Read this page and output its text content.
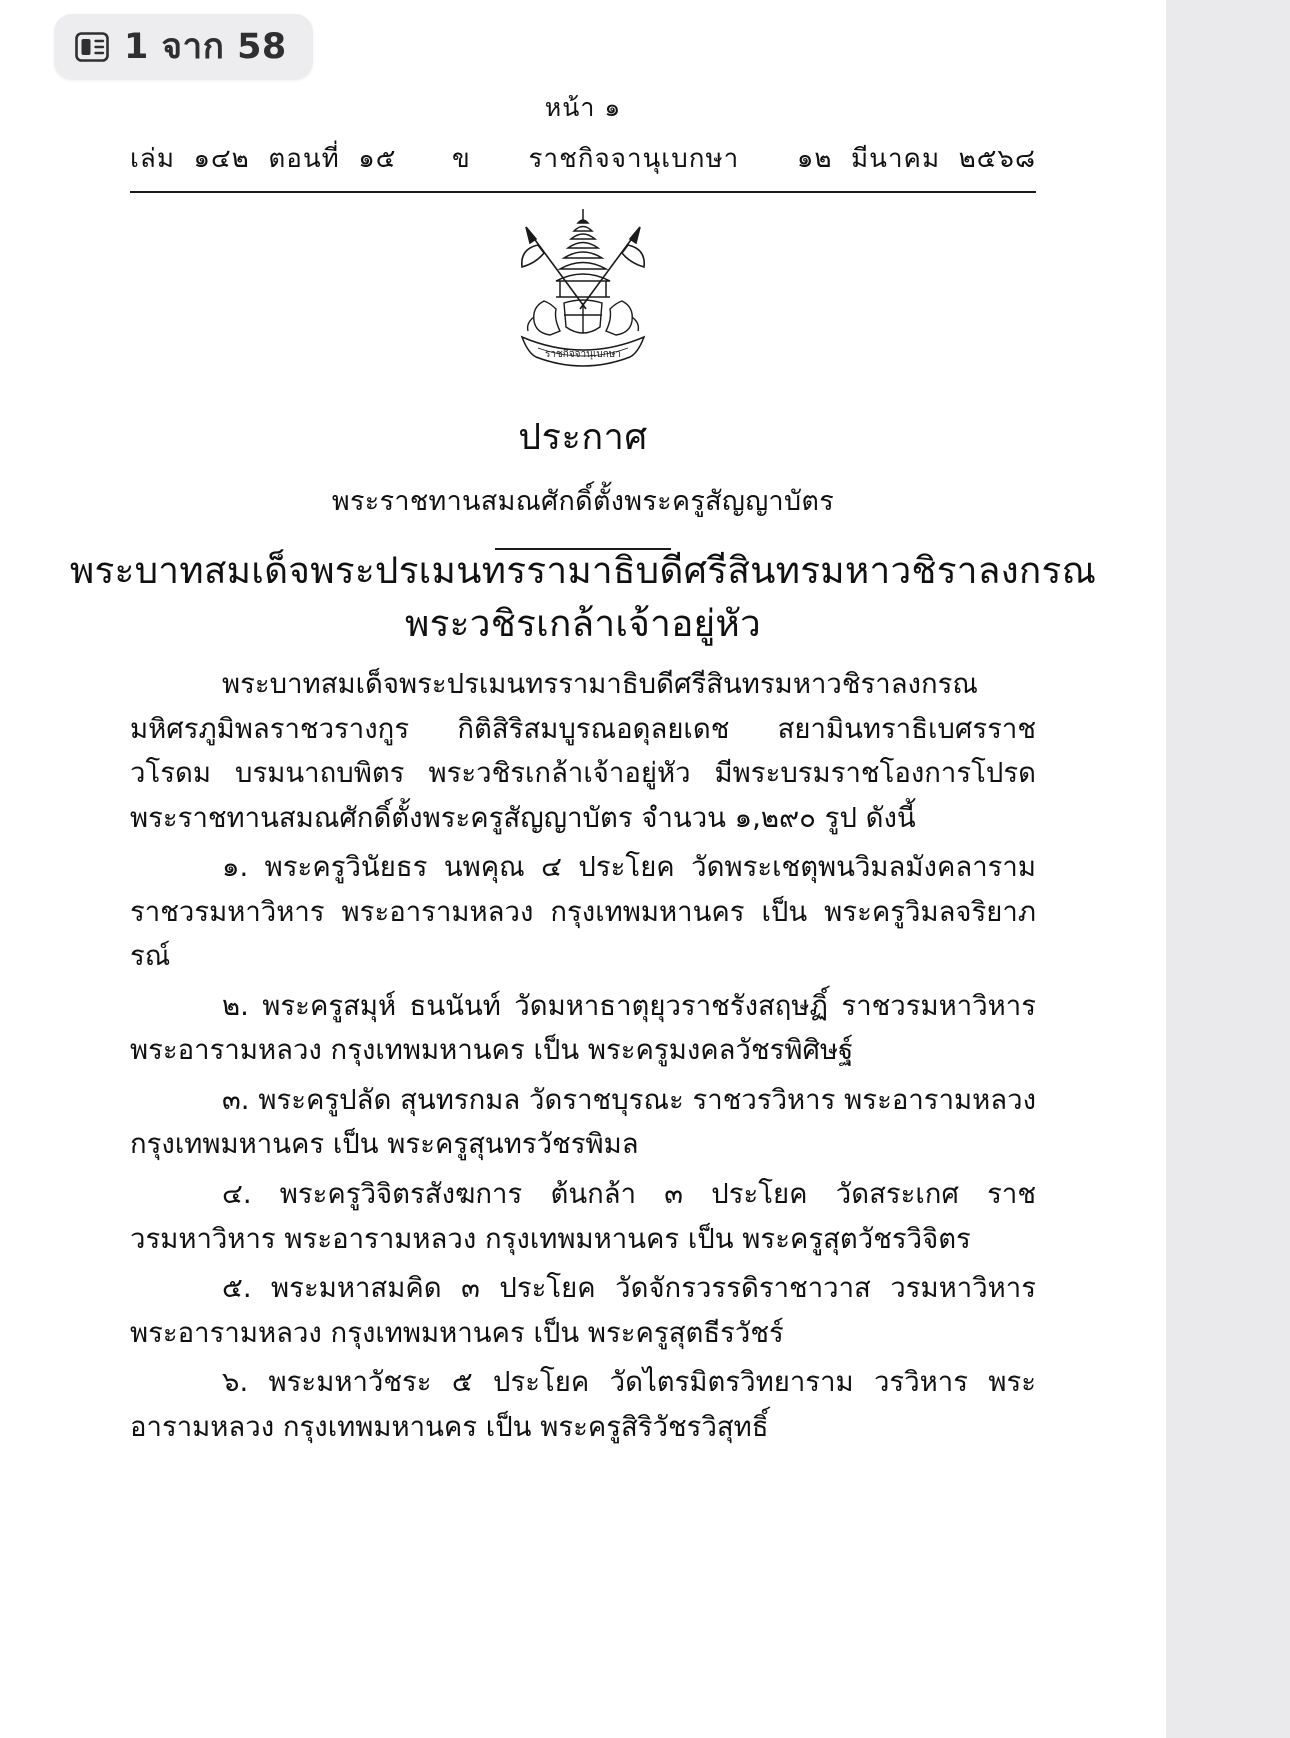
หน้า ๑
เล่ม  ๑๔๒  ตอนที่  ๑๕      ข ราชกิจจานุเบกษา ๑๒  มีนาคม  ๒๕๖๘
ราชกิจจานุเบกษา
ประกาศ
พระราชทานสมณศักดิ์ตั้งพระครูสัญญาบัตร
พระบาทสมเด็จพระปรเมนทรรามาธิบดีศรีสินทรมหาวชิราลงกรณ
พระวชิรเกล้าเจ้าอยู่หัว

พระบาทสมเด็จพระปรเมนทรรามาธิบดีศรีสินทรมหาวชิราลงกรณ มหิศรภูมิพลราชวรางกูร กิติสิริสมบูรณอดุลยเดช สยามินทราธิเบศรราชวโรดม บรมนาถบพิตร พระวชิรเกล้าเจ้าอยู่หัว มีพระบรมราชโองการโปรดพระราชทานสมณศักดิ์ตั้งพระครูสัญญาบัตร จำนวน ๑,๒๙๐ รูป ดังนี้

๑. พระครูวินัยธร นพคุณ ๔ ประโยค วัดพระเชตุพนวิมลมังคลาราม ราชวรมหาวิหาร พระอารามหลวง กรุงเทพมหานคร เป็น พระครูวิมลจริยาภรณ์

๒. พระครูสมุห์ ธนนันท์ วัดมหาธาตุยุวราชรังสฤษฏิ์ ราชวรมหาวิหาร พระอารามหลวง กรุงเทพมหานคร เป็น พระครูมงคลวัชรพิศิษฐ์

๓. พระครูปลัด สุนทรกมล วัดราชบุรณะ ราชวรวิหาร พระอารามหลวง กรุงเทพมหานคร เป็น พระครูสุนทรวัชรพิมล

๔. พระครูวิจิตรสังฆการ ต้นกล้า ๓ ประโยค วัดสระเกศ ราชวรมหาวิหาร พระอารามหลวง กรุงเทพมหานคร เป็น พระครูสุตวัชรวิจิตร

๕. พระมหาสมคิด ๓ ประโยค วัดจักรวรรดิราชาวาส วรมหาวิหาร พระอารามหลวง กรุงเทพมหานคร เป็น พระครูสุตธีรวัชร์

๖. พระมหาวัชระ ๕ ประโยค วัดไตรมิตรวิทยาราม วรวิหาร พระอารามหลวง กรุงเทพมหานคร เป็น พระครูสิริวัชรวิสุทธิ์

1 จาก 58
